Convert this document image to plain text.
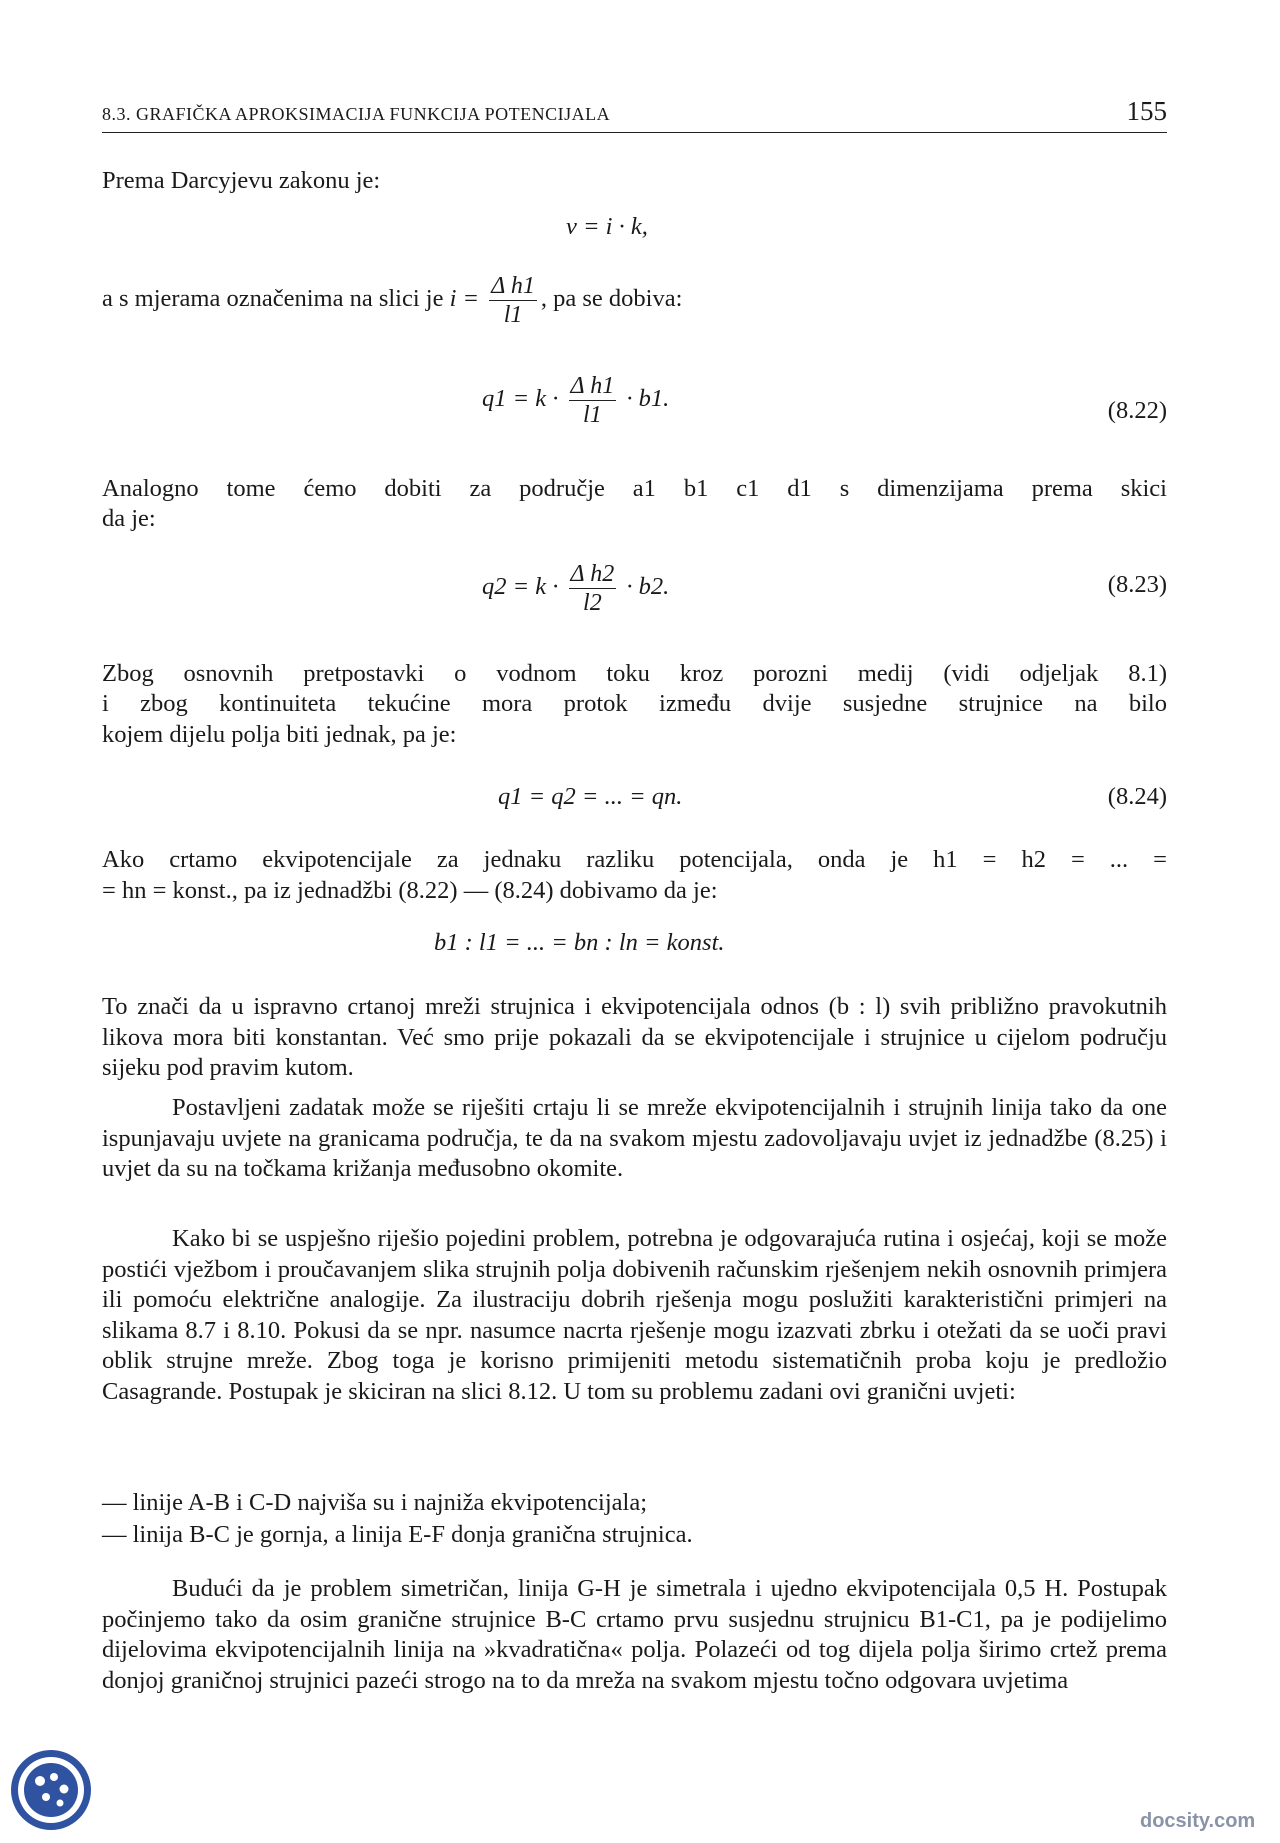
8.3. GRAFIČKA APROKSIMACIJA FUNKCIJA POTENCIJALA	155
Prema Darcyjevu zakonu je:
v = i · k,
a s mjerama označenima na slici je $i = \frac{\text{Δ h1}}{l1}$ , pa se dobiva:
$q1 = k \cdot \frac{\text{Δ h1}}{l1} \cdot b1$.	(8.22)
Analogno tome ćemo dobiti za područje a1 b1 c1 d1 s dimenzijama prema skici
da je:
$q2 = k \cdot \frac{\text{Δ h2}}{l2} \cdot b2$.	(8.23)
Zbog osnovnih pretpostavki o vodnom toku kroz porozni medij (vidi odjeljak 8.1)
i zbog kontinuiteta tekućine mora protok između dvije susjedne strujnice na bilo
kojem dijelu polja biti jednak, pa je:
q1 = q2 = ... = qn.	(8.24)
Ako crtamo ekvipotencijale za jednaku razliku potencijala, onda je h1 = h2 = ... =
= hn = konst., pa iz jednadžbi (8.22) — (8.24) dobivamo da je:
b1 : l1 = ... = bn : ln = konst.

To znači da u ispravno crtanoj mreži strujnica i ekvipotencijala odnos (b : l) svih približno pravokutnih likova mora biti konstantan. Već smo prije pokazali da se ekvipotencijale i strujnice u cijelom području sijeku pod pravim kutom.

Postavljeni zadatak može se riješiti crtaju li se mreže ekvipotencijalnih i strujnih linija tako da one ispunjavaju uvjete na granicama područja, te da na svakom mjestu zadovoljavaju uvjet iz jednadžbe (8.25) i uvjet da su na točkama križanja međusobno okomite.

Kako bi se uspješno riješio pojedini problem, potrebna je odgovarajuća rutina i osjećaj, koji se može postići vježbom i proučavanjem slika strujnih polja dobivenih računskim rješenjem nekih osnovnih primjera ili pomoću električne analogije. Za ilustraciju dobrih rješenja mogu poslužiti karakteristični primjeri na slikama 8.7 i 8.10. Pokusi da se npr. nasumce nacrta rješenje mogu izazvati zbrku i otežati da se uoči pravi oblik strujne mreže. Zbog toga je korisno primijeniti metodu sistematičnih proba koju je predložio Casagrande. Postupak je skiciran na slici 8.12. U tom su problemu zadani ovi granični uvjeti:

— linije A-B i C-D najviša su i najniža ekvipotencijala;
— linija B-C je gornja, a linija E-F donja granična strujnica.

Budući da je problem simetričan, linija G-H je simetrala i ujedno ekvipotencijala 0,5 H. Postupak počinjemo tako da osim granične strujnice B-C crtamo prvu susjednu strujnicu B1-C1, pa je podijelimo dijelovima ekvipotencijalnih linija na »kvadratična« polja. Polazeći od tog dijela polja širimo crtež prema donjoj graničnoj strujnici pazeći strogo na to da mreža na svakom mjestu točno odgovara uvjetima

docsity.com
